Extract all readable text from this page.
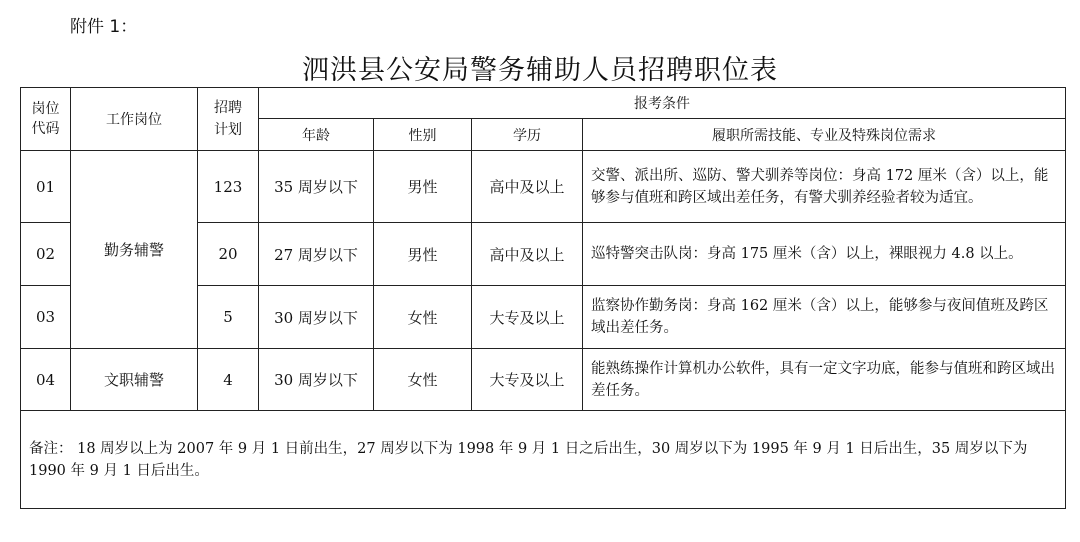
附件 1：
泗洪县公安局警务辅助人员招聘职位表
岗位代码	工作岗位	招聘计划	报考条件			
			年龄	性别	学历	履职所需技能、专业及特殊岗位需求
01	勤务辅警	123	35 周岁以下	男性	高中及以上	交警、派出所、巡防、警犬驯养等岗位：身高 172 厘米（含）以上，能够参与值班和跨区域出差任务，有警犬驯养经验者较为适宜。
02		20	27 周岁以下	男性	高中及以上	巡特警突击队岗：身高 175 厘米（含）以上，裸眼视力 4.8 以上。
03		5	30 周岁以下	女性	大专及以上	监察协作勤务岗：身高 162 厘米（含）以上，能够参与夜间值班及跨区域出差任务。
04	文职辅警	4	30 周岁以下	女性	大专及以上	能熟练操作计算机办公软件，具有一定文字功底，能参与值班和跨区域出差任务。
备注： 18 周岁以上为 2007 年 9 月 1 日前出生，27 周岁以下为 1998 年 9 月 1 日之后出生，30 周岁以下为 1995 年 9 月 1 日后出生，35 周岁以下为 1990 年 9 月 1 日后出生。						
